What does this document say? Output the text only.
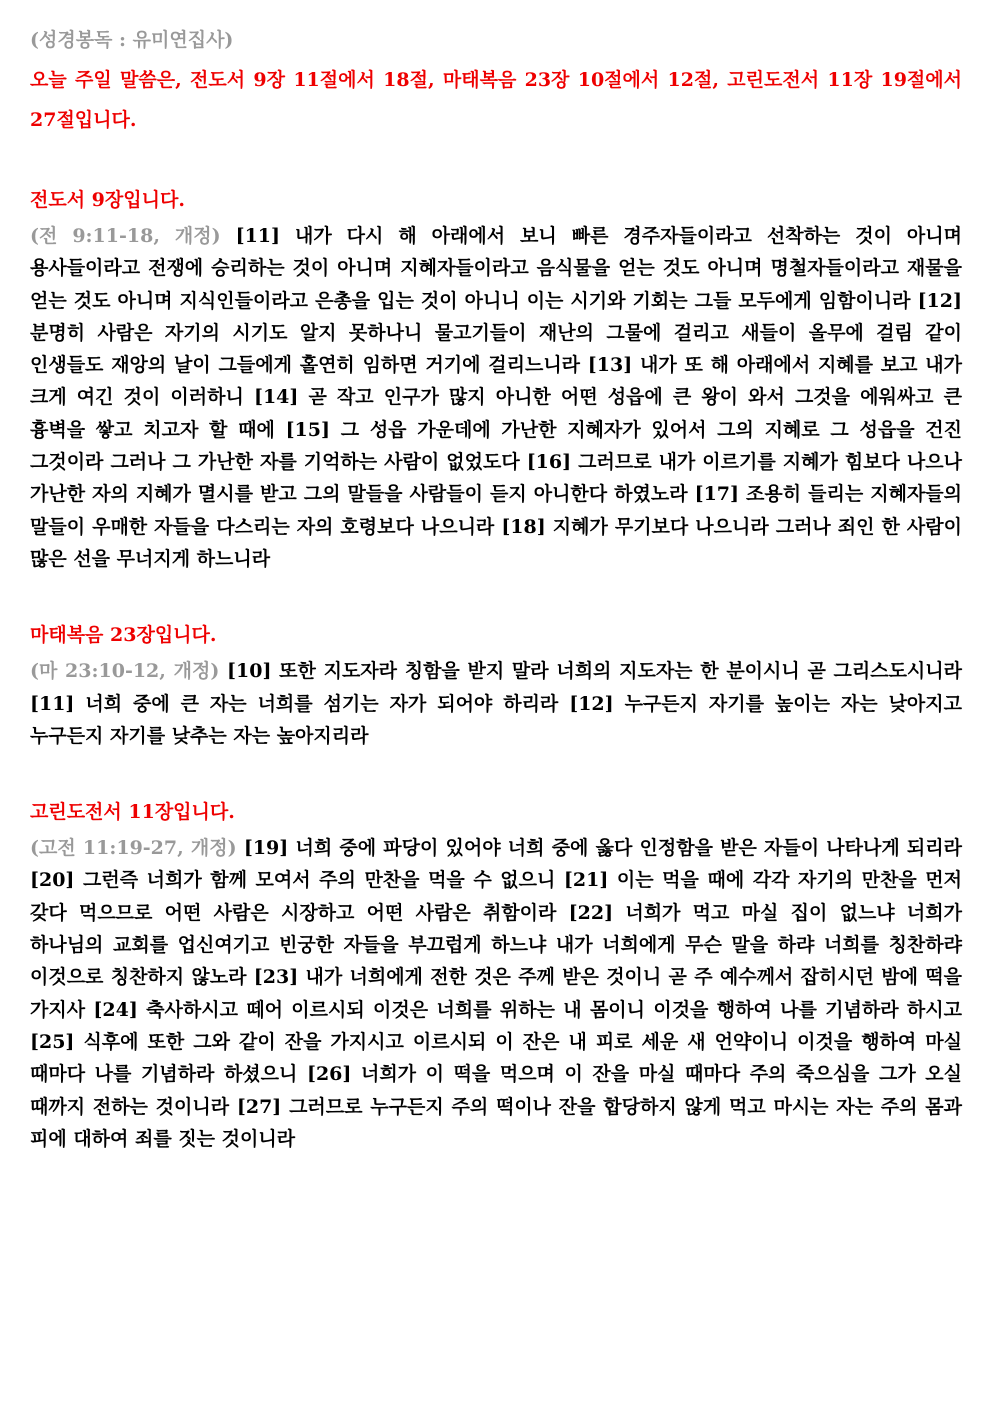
(성경봉독 : 유미연집사)

오늘 주일 말씀은, 전도서 9장 11절에서 18절, 마태복음 23장 10절에서 12절, 고린도전서 11장 19절에서 27절입니다.

전도서 9장입니다.

(전 9:11-18, 개정) [11] 내가 다시 해 아래에서 보니 빠른 경주자들이라고 선착하는 것이 아니며 용사들이라고 전쟁에 승리하는 것이 아니며 지혜자들이라고 음식물을 얻는 것도 아니며 명철자들이라고 재물을 얻는 것도 아니며 지식인들이라고 은총을 입는 것이 아니니 이는 시기와 기회는 그들 모두에게 임함이니라 [12] 분명히 사람은 자기의 시기도 알지 못하나니 물고기들이 재난의 그물에 걸리고 새들이 올무에 걸림 같이 인생들도 재앙의 날이 그들에게 홀연히 임하면 거기에 걸리느니라 [13] 내가 또 해 아래에서 지혜를 보고 내가 크게 여긴 것이 이러하니 [14] 곧 작고 인구가 많지 아니한 어떤 성읍에 큰 왕이 와서 그것을 에워싸고 큰 흉벽을 쌓고 치고자 할 때에 [15] 그 성읍 가운데에 가난한 지혜자가 있어서 그의 지혜로 그 성읍을 건진 그것이라 그러나 그 가난한 자를 기억하는 사람이 없었도다 [16] 그러므로 내가 이르기를 지혜가 힘보다 나으나 가난한 자의 지혜가 멸시를 받고 그의 말들을 사람들이 듣지 아니한다 하였노라 [17] 조용히 들리는 지혜자들의 말들이 우매한 자들을 다스리는 자의 호령보다 나으니라 [18] 지혜가 무기보다 나으니라 그러나 죄인 한 사람이 많은 선을 무너지게 하느니라

마태복음 23장입니다.

(마 23:10-12, 개정) [10] 또한 지도자라 칭함을 받지 말라 너희의 지도자는 한 분이시니 곧 그리스도시니라 [11] 너희 중에 큰 자는 너희를 섬기는 자가 되어야 하리라 [12] 누구든지 자기를 높이는 자는 낮아지고 누구든지 자기를 낮추는 자는 높아지리라

고린도전서 11장입니다.

(고전 11:19-27, 개정) [19] 너희 중에 파당이 있어야 너희 중에 옳다 인정함을 받은 자들이 나타나게 되리라 [20] 그런즉 너희가 함께 모여서 주의 만찬을 먹을 수 없으니 [21] 이는 먹을 때에 각각 자기의 만찬을 먼저 갖다 먹으므로 어떤 사람은 시장하고 어떤 사람은 취함이라 [22] 너희가 먹고 마실 집이 없느냐 너희가 하나님의 교회를 업신여기고 빈궁한 자들을 부끄럽게 하느냐 내가 너희에게 무슨 말을 하랴 너희를 칭찬하랴 이것으로 칭찬하지 않노라 [23] 내가 너희에게 전한 것은 주께 받은 것이니 곧 주 예수께서 잡히시던 밤에 떡을 가지사 [24] 축사하시고 떼어 이르시되 이것은 너희를 위하는 내 몸이니 이것을 행하여 나를 기념하라 하시고 [25] 식후에 또한 그와 같이 잔을 가지시고 이르시되 이 잔은 내 피로 세운 새 언약이니 이것을 행하여 마실 때마다 나를 기념하라 하셨으니 [26] 너희가 이 떡을 먹으며 이 잔을 마실 때마다 주의 죽으심을 그가 오실 때까지 전하는 것이니라 [27] 그러므로 누구든지 주의 떡이나 잔을 합당하지 않게 먹고 마시는 자는 주의 몸과 피에 대하여 죄를 짓는 것이니라
